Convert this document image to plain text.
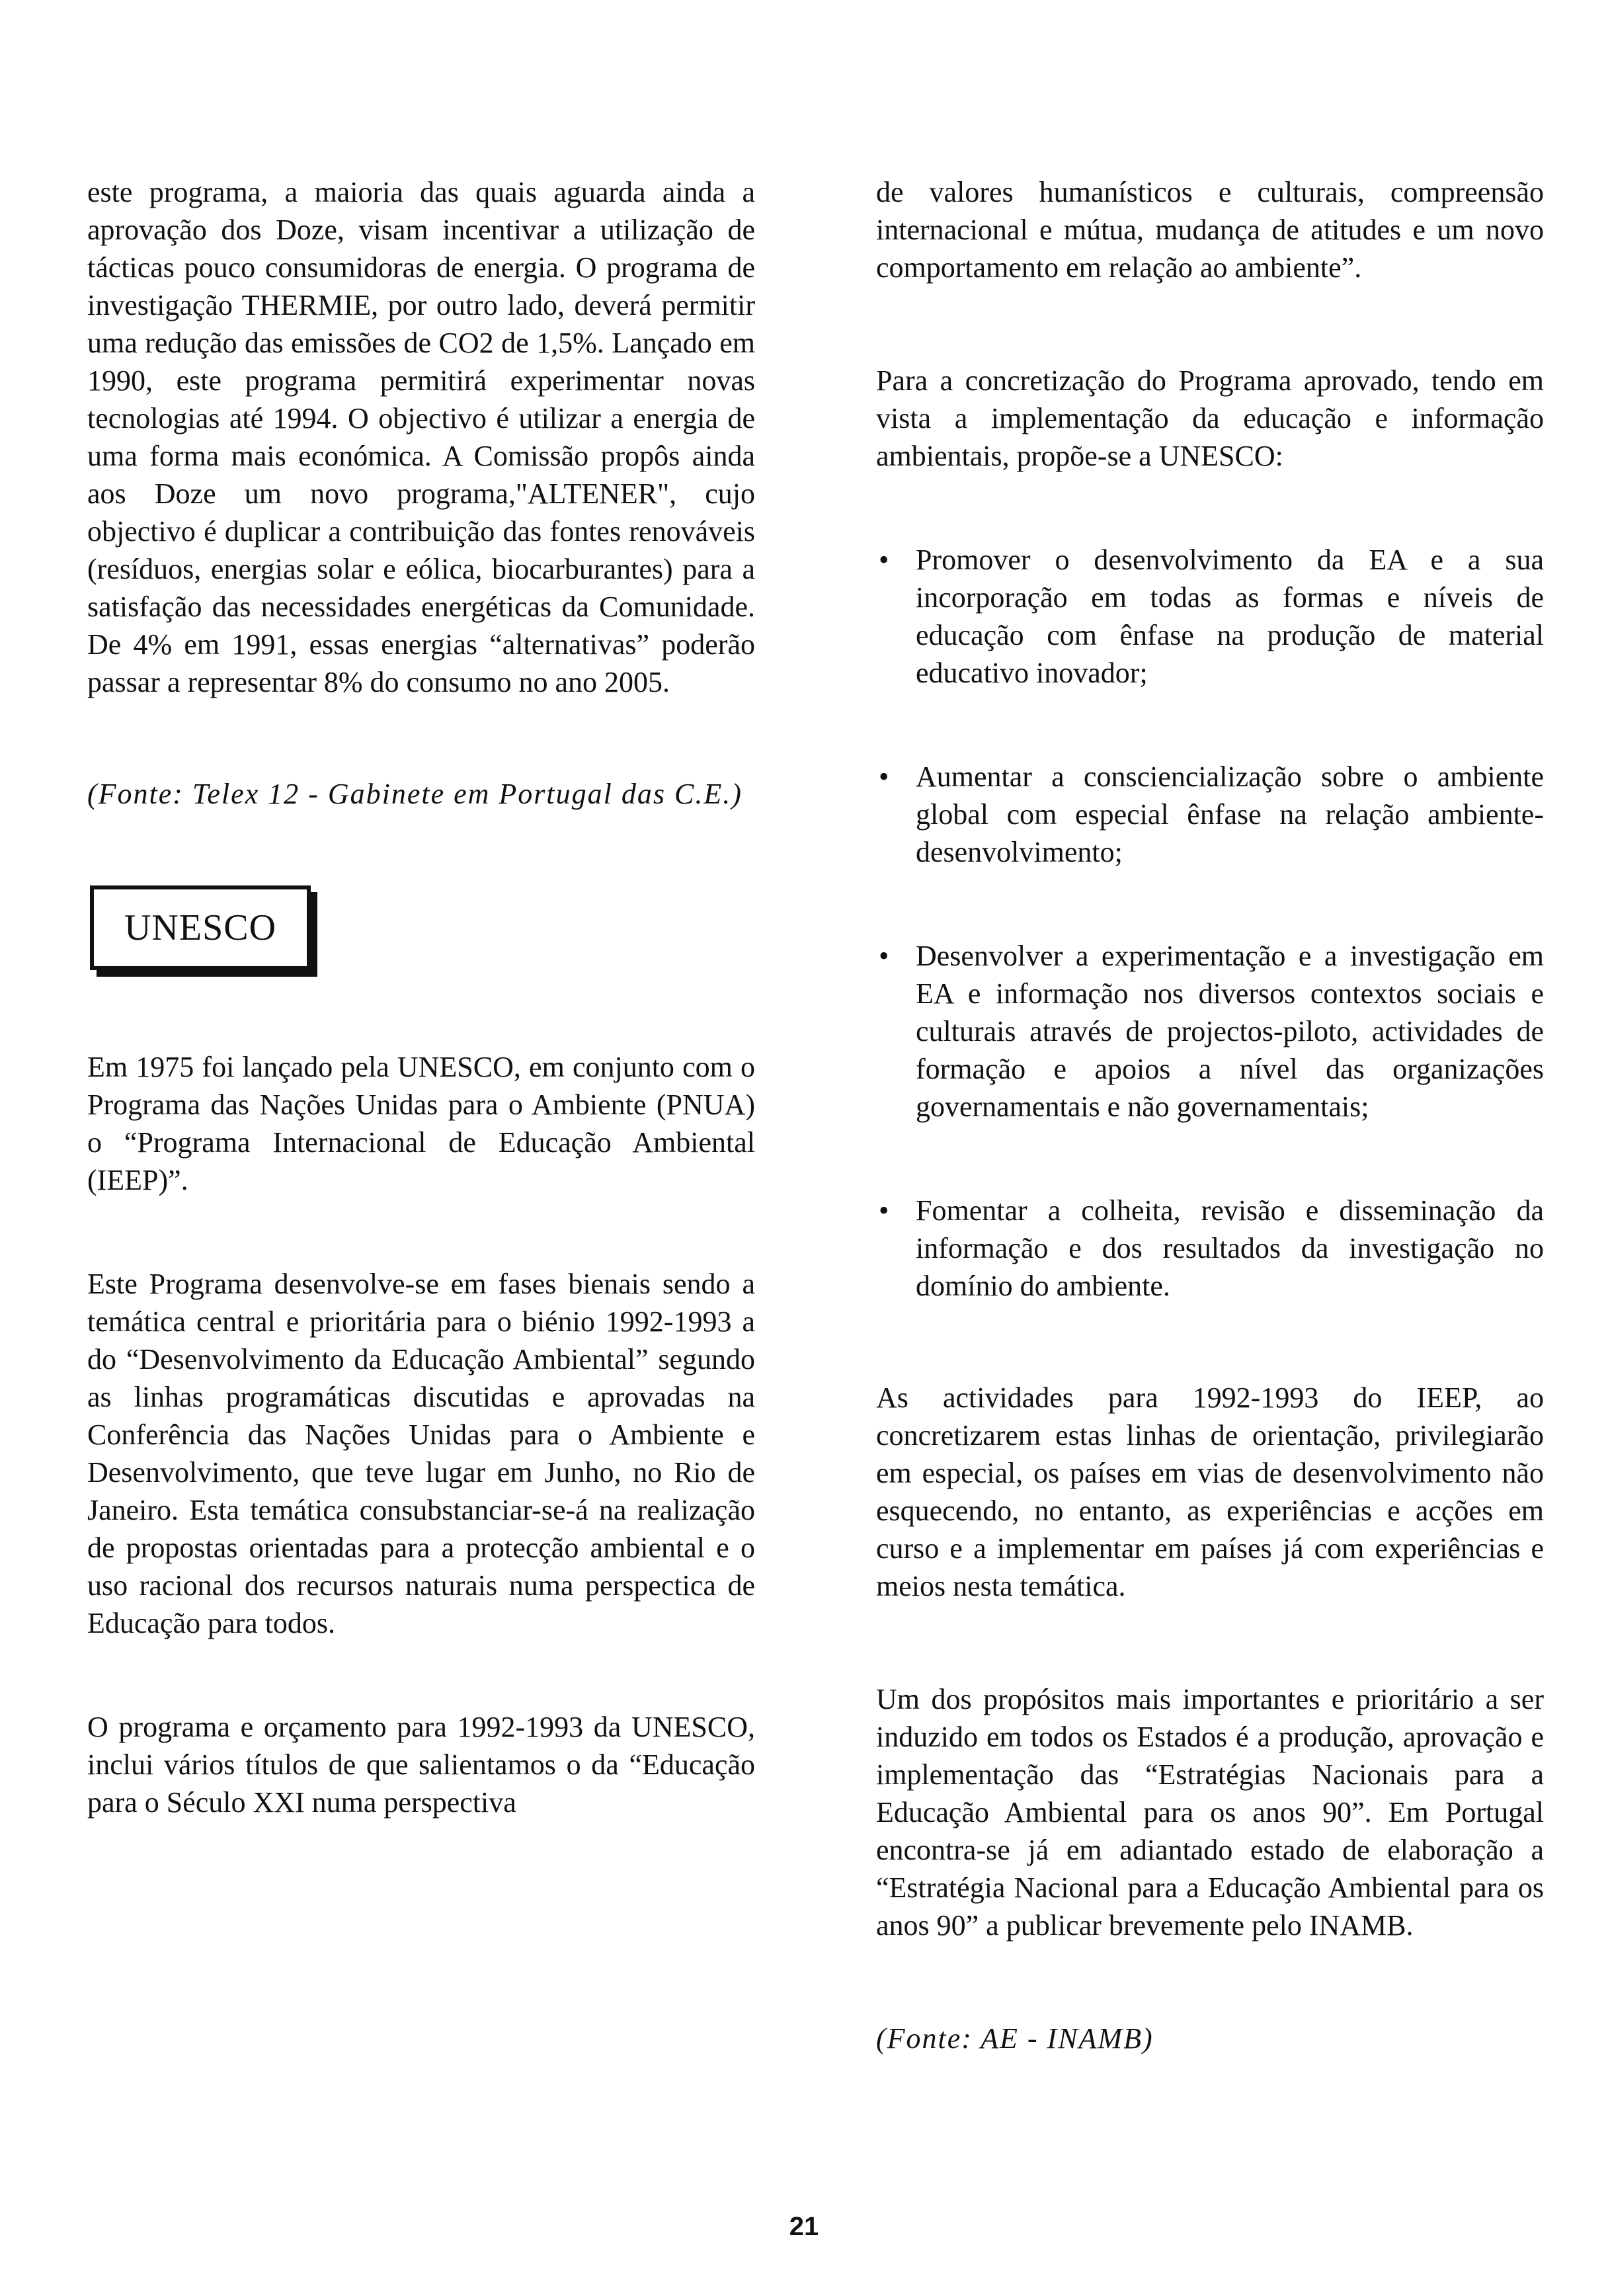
este programa, a maioria das quais aguarda ainda a aprovação dos Doze, visam incentivar a utilização de tácticas pouco consumidoras de energia. O programa de investigação THERMIE, por outro lado, deverá permitir uma redução das emissões de CO2 de 1,5%. Lançado em 1990, este programa permitirá experimentar novas tecnologias até 1994. O objectivo é utilizar a energia de uma forma mais económica. A Comissão propôs ainda aos Doze um novo programa,"ALTENER", cujo objectivo é duplicar a contribuição das fontes renováveis (resíduos, energias solar e eólica, biocarburantes) para a satisfação das necessidades energéticas da Comunidade. De 4% em 1991, essas energias “alternativas” poderão passar a representar 8% do consumo no ano 2005.

(Fonte: Telex 12 - Gabinete em Portugal das C.E.)

UNESCO

Em 1975 foi lançado pela UNESCO, em conjunto com o Programa das Nações Unidas para o Ambiente (PNUA) o “Programa Internacional de Educação Ambiental (IEEP)”.

Este Programa desenvolve-se em fases bienais sendo a temática central e prioritária para o biénio 1992-1993 a do “Desenvolvimento da Educação Ambiental” segundo as linhas programáticas discutidas e aprovadas na Conferência das Nações Unidas para o Ambiente e Desenvolvimento, que teve lugar em Junho, no Rio de Janeiro. Esta temática consubstanciar-se-á na realização de propostas orientadas para a protecção ambiental e o uso racional dos recursos naturais numa perspectica de Educação para todos.

O programa e orçamento para 1992-1993 da UNESCO, inclui vários títulos de que salientamos o da “Educação para o Século XXI numa perspectiva

de valores humanísticos e culturais, compreensão internacional e mútua, mudança de atitudes e um novo comportamento em relação ao ambiente”.

Para a concretização do Programa aprovado, tendo em vista a implementação da educação e informação ambientais, propõe-se a UNESCO:

• Promover o desenvolvimento da EA e a sua incorporação em todas as formas e níveis de educação com ênfase na produção de material educativo inovador;
• Aumentar a consciencialização sobre o ambiente global com especial ênfase na relação ambiente-desenvolvimento;
• Desenvolver a experimentação e a investigação em EA e informação nos diversos contextos sociais e culturais através de projectos-piloto, actividades de formação e apoios a nível das organizações governamentais e não governamentais;
• Fomentar a colheita, revisão e disseminação da informação e dos resultados da investigação no domínio do ambiente.

As actividades para 1992-1993 do IEEP, ao concretizarem estas linhas de orientação, privilegiarão em especial, os países em vias de desenvolvimento não esquecendo, no entanto, as experiências e acções em curso e a implementar em países já com experiências e meios nesta temática.

Um dos propósitos mais importantes e prioritário a ser induzido em todos os Estados é a produção, aprovação e implementação das “Estratégias Nacionais para a Educação Ambiental para os anos 90”. Em Portugal encontra-se já em adiantado estado de elaboração a “Estratégia Nacional para a Educação Ambiental para os anos 90” a publicar brevemente pelo INAMB.

(Fonte: AE - INAMB)

21
